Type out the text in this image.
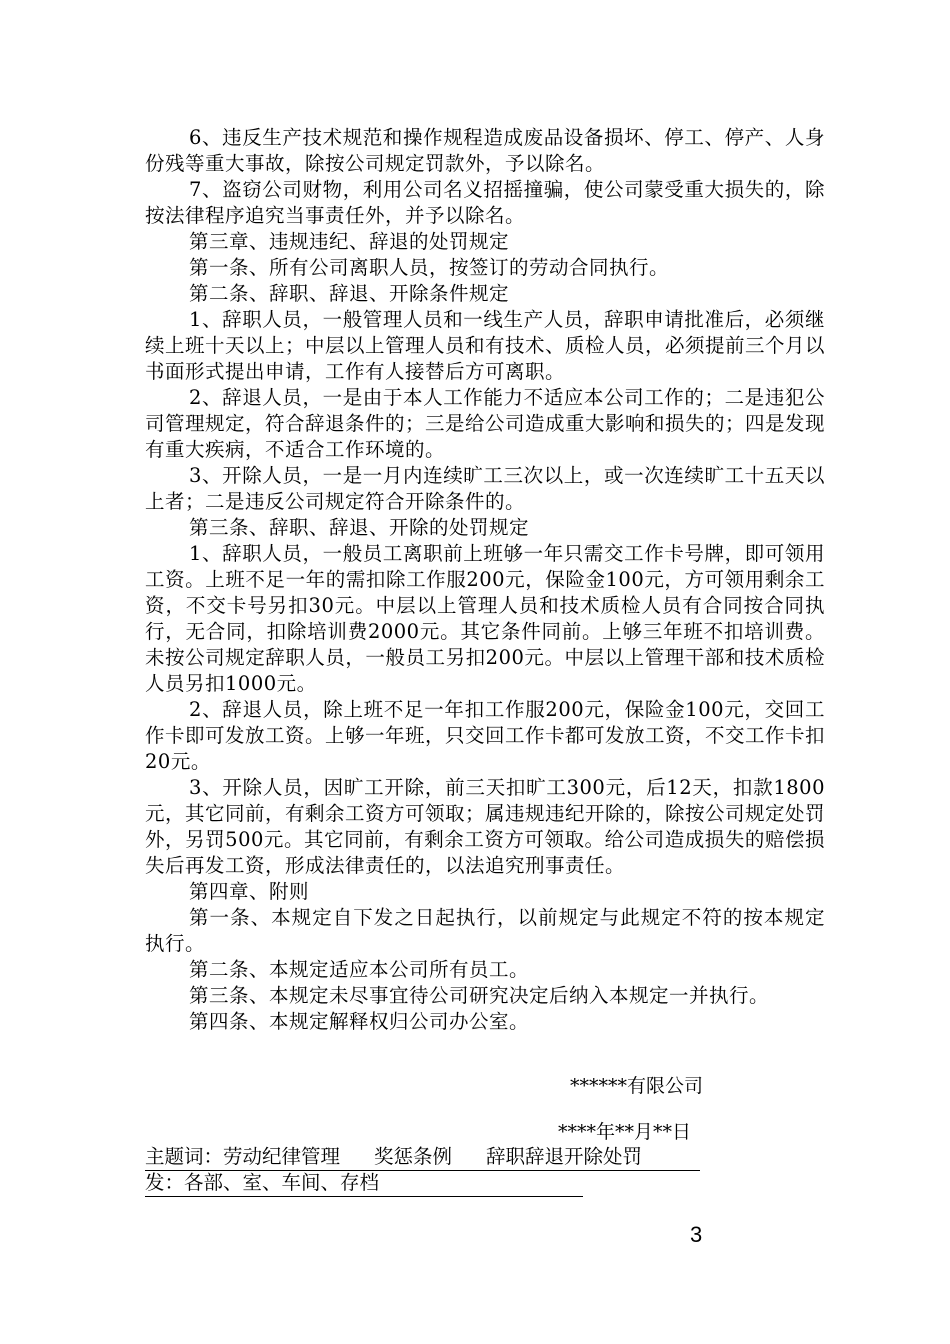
6、违反生产技术规范和操作规程造成废品设备损坏、停工、停产、人身份残等重大事故，除按公司规定罚款外，予以除名。

7、盗窃公司财物，利用公司名义招摇撞骗，使公司蒙受重大损失的，除按法律程序追究当事责任外，并予以除名。

第三章、违规违纪、辞退的处罚规定

第一条、所有公司离职人员，按签订的劳动合同执行。

第二条、辞职、辞退、开除条件规定

1、辞职人员，一般管理人员和一线生产人员，辞职申请批准后，必须继续上班十天以上；中层以上管理人员和有技术、质检人员，必须提前三个月以书面形式提出申请，工作有人接替后方可离职。

2、辞退人员，一是由于本人工作能力不适应本公司工作的；二是违犯公司管理规定，符合辞退条件的；三是给公司造成重大影响和损失的；四是发现有重大疾病，不适合工作环境的。

3、开除人员，一是一月内连续旷工三次以上，或一次连续旷工十五天以上者；二是违反公司规定符合开除条件的。

第三条、辞职、辞退、开除的处罚规定

1、辞职人员，一般员工离职前上班够一年只需交工作卡号牌，即可领用工资。上班不足一年的需扣除工作服200元，保险金100元，方可领用剩余工资，不交卡号另扣30元。中层以上管理人员和技术质检人员有合同按合同执行，无合同，扣除培训费2000元。其它条件同前。上够三年班不扣培训费。未按公司规定辞职人员，一般员工另扣200元。中层以上管理干部和技术质检人员另扣1000元。

2、辞退人员，除上班不足一年扣工作服200元，保险金100元，交回工作卡即可发放工资。上够一年班，只交回工作卡都可发放工资，不交工作卡扣20元。

3、开除人员，因旷工开除，前三天扣旷工300元，后12天，扣款1800元，其它同前，有剩余工资方可领取；属违规违纪开除的，除按公司规定处罚外，另罚500元。其它同前，有剩余工资方可领取。给公司造成损失的赔偿损失后再发工资，形成法律责任的，以法追究刑事责任。

第四章、附则

第一条、本规定自下发之日起执行，以前规定与此规定不符的按本规定执行。

第二条、本规定适应本公司所有员工。

第三条、本规定未尽事宜待公司研究决定后纳入本规定一并执行。

第四条、本规定解释权归公司办公室。

******有限公司
****年**月**日
主题词：劳动纪律管理 奖惩条例 辞职辞退开除处罚
发：各部、室、车间、存档
3
